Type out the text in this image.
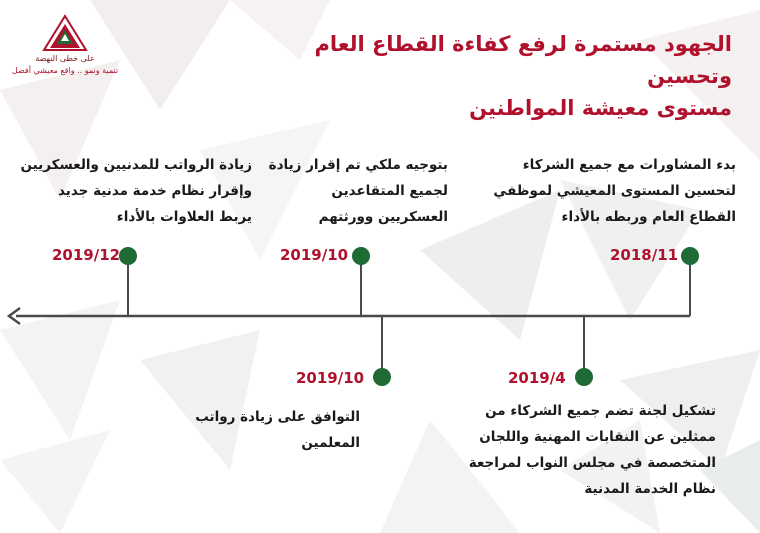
على خطى النهضة
تنمية ونمو .. واقع معيشي أفضل
الجهود مستمرة لرفع كفاءة القطاع العام وتحسين
مستوى معيشة المواطنين
2018/11
بدء المشاورات مع جميع الشركاء
لتحسين المستوى المعيشي لموظفي
القطاع العام وربطه بالأداء
2019/4
تشكيل لجنة تضم جميع الشركاء من
ممثلين عن النقابات المهنية واللجان
المتخصصة في مجلس النواب لمراجعة
نظام الخدمة المدنية
2019/10
بتوجيه ملكي تم إقرار زيادة
لجميع المتقاعدين
العسكريين وورثتهم
2019/10
التوافق على زيادة رواتب
المعلمين
2019/12
زيادة الرواتب للمدنيين والعسكريين
وإقرار نظام خدمة مدنية جديد
يربط العلاوات بالأداء
